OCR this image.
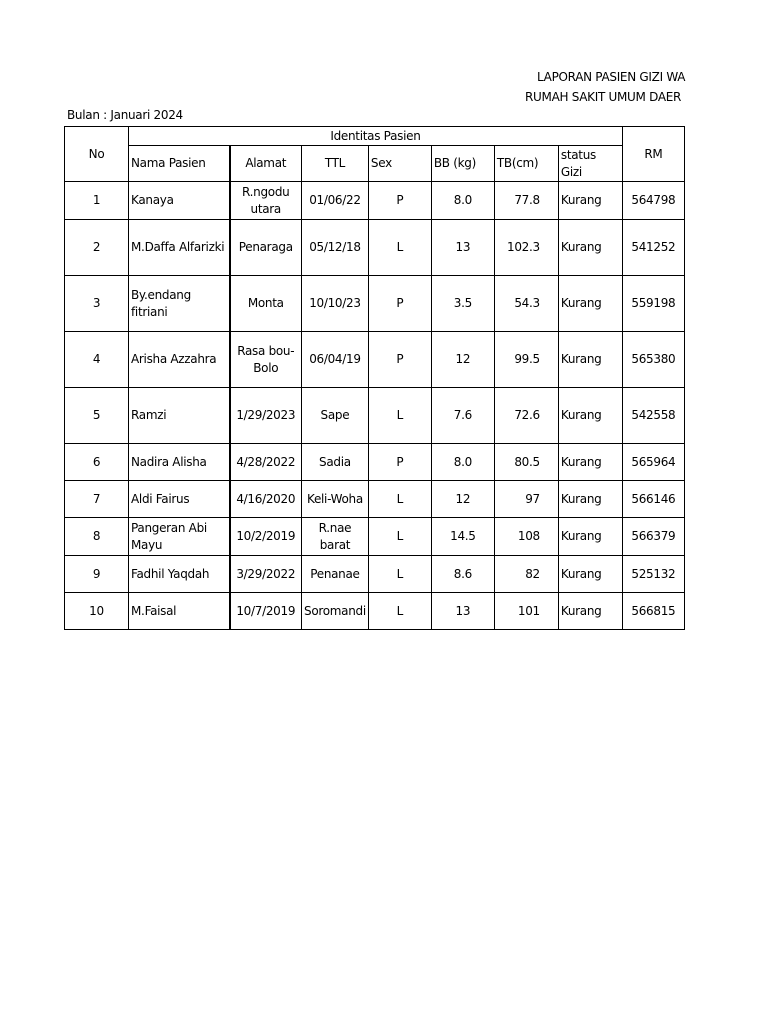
LAPORAN PASIEN GIZI WA
RUMAH SAKIT UMUM DAER
Bulan : Januari 2024
No	Identitas Pasien							RM
	Nama Pasien	Alamat	TTL	Sex	BB (kg)	TB(cm)	status Gizi	
1	Kanaya	R.ngodu utara	01/06/22	P	8.0	77.8	Kurang	564798
2	M.Daffa Alfarizki	Penaraga	05/12/18	L	13	102.3	Kurang	541252
3	By.endang fitriani	Monta	10/10/23	P	3.5	54.3	Kurang	559198
4	Arisha Azzahra	Rasa bou-Bolo	06/04/19	P	12	99.5	Kurang	565380
5	Ramzi	1/29/2023	Sape	L	7.6	72.6	Kurang	542558
6	Nadira Alisha	4/28/2022	Sadia	P	8.0	80.5	Kurang	565964
7	Aldi Fairus	4/16/2020	Keli-Woha	L	12	97	Kurang	566146
8	Pangeran Abi Mayu	10/2/2019	R.nae barat	L	14.5	108	Kurang	566379
9	Fadhil Yaqdah	3/29/2022	Penanae	L	8.6	82	Kurang	525132
10	M.Faisal	10/7/2019	Soromandi	L	13	101	Kurang	566815
